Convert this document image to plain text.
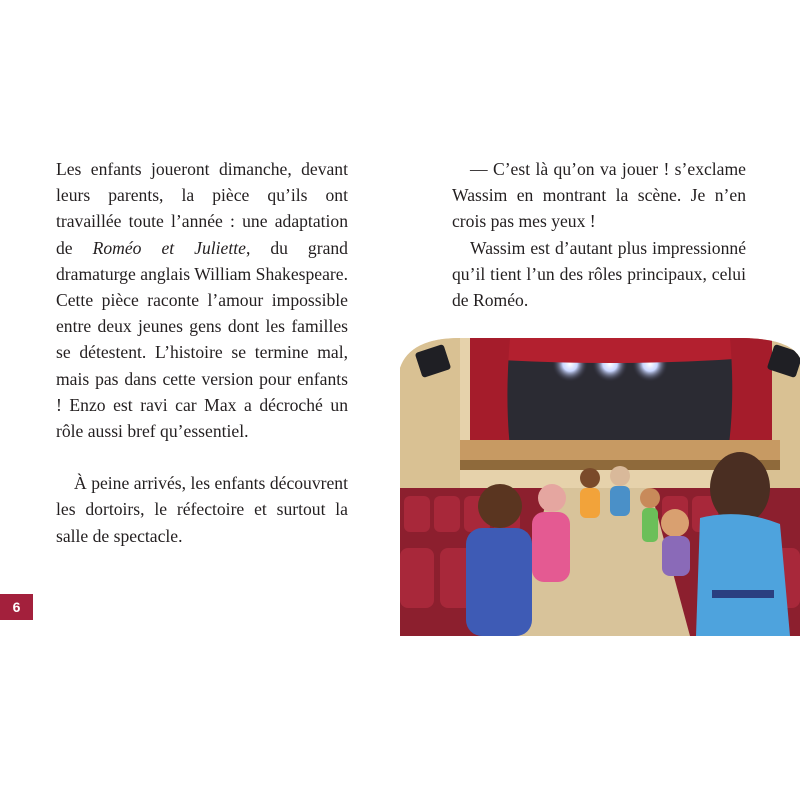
Les enfants joueront dimanche, devant leurs parents, la pièce qu’ils ont travaillée toute l’année : une adaptation de Roméo et Juliette, du grand dramaturge anglais William Shakespeare. Cette pièce raconte l’amour impossible entre deux jeunes gens dont les familles se détestent. L’histoire se termine mal, mais pas dans cette version pour enfants ! Enzo est ravi car Max a décroché un rôle aussi bref qu’essentiel.

À peine arrivés, les enfants découvrent les dortoirs, le réfectoire et surtout la salle de spectacle.

— C’est là qu’on va jouer ! s’exclame Wassim en montrant la scène. Je n’en crois pas mes yeux !

Wassim est d’autant plus impressionné qu’il tient l’un des rôles principaux, celui de Roméo.

6
